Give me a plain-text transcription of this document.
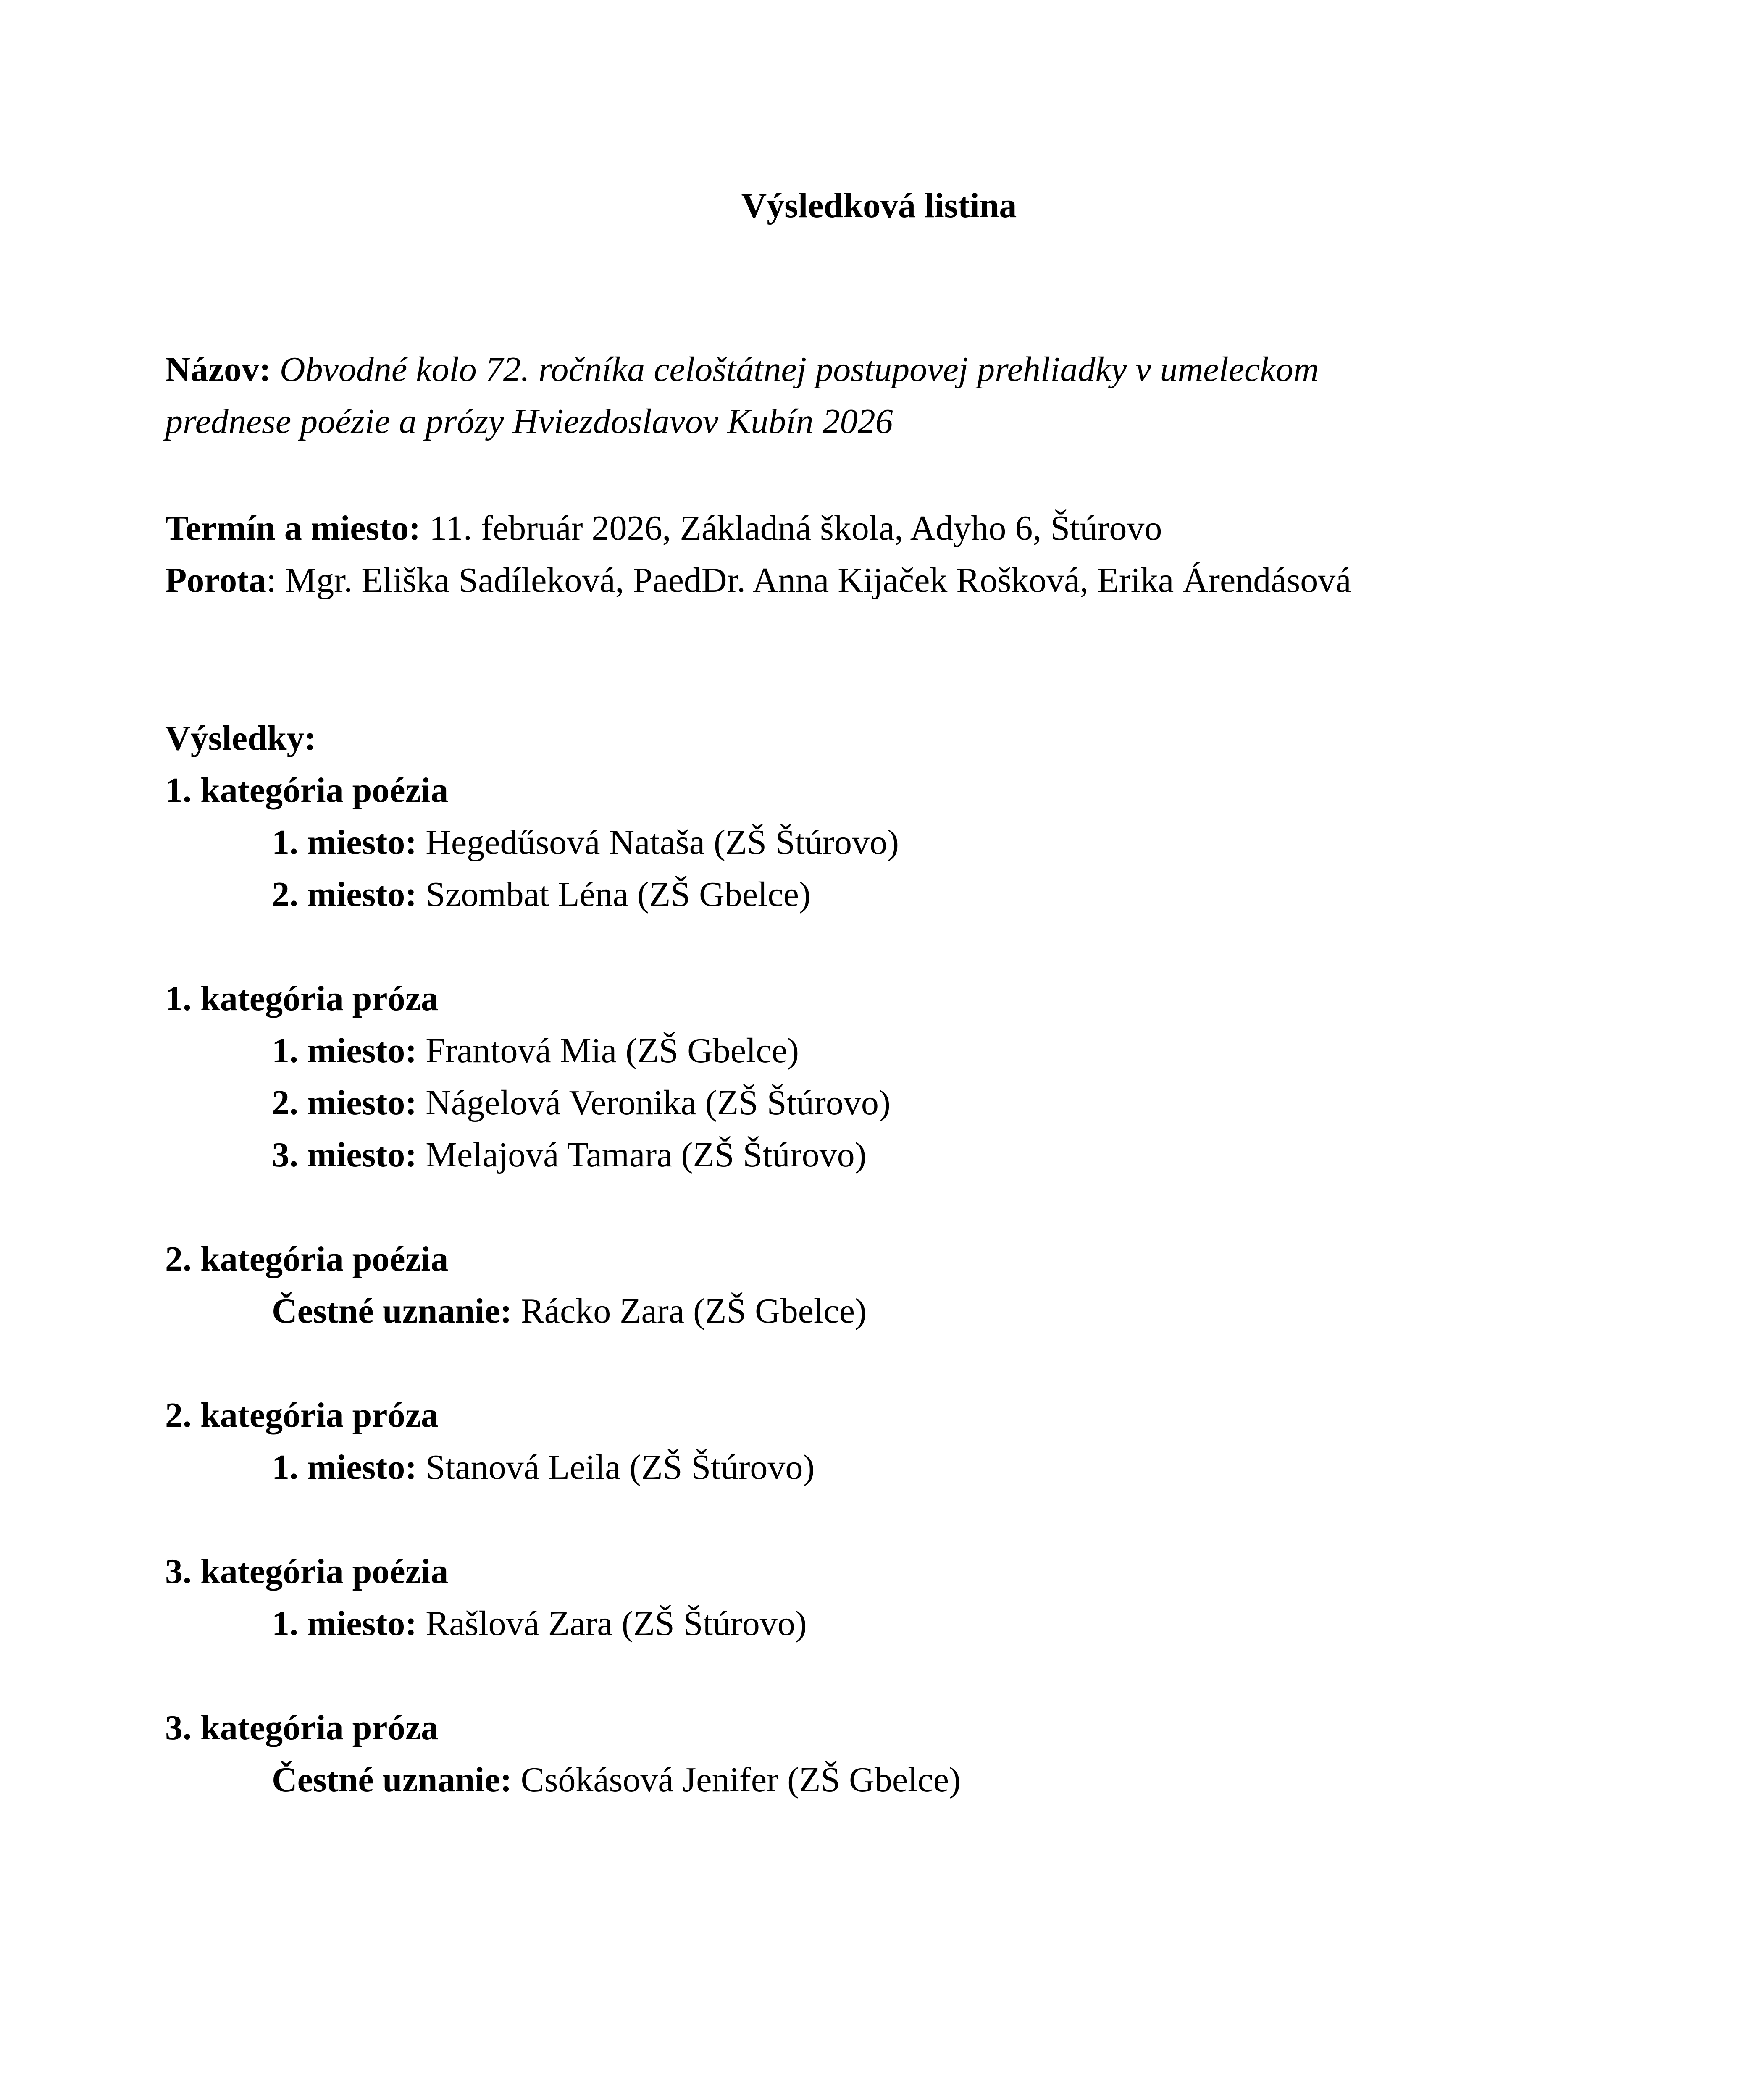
Výsledková listina
Názov: Obvodné kolo 72. ročníka celoštátnej postupovej prehliadky v umeleckom
prednese poézie a prózy Hviezdoslavov Kubín 2026
Termín a miesto: 11. február 2026, Základná škola, Adyho 6, Štúrovo
Porota: Mgr. Eliška Sadíleková, PaedDr. Anna Kijaček Rošková, Erika Árendásová
Výsledky:
1. kategória poézia
1. miesto: Hegedűsová Nataša (ZŠ Štúrovo)
2. miesto: Szombat Léna (ZŠ Gbelce)
1. kategória próza
1. miesto: Frantová Mia (ZŠ Gbelce)
2. miesto: Nágelová Veronika (ZŠ Štúrovo)
3. miesto: Melajová Tamara (ZŠ Štúrovo)
2. kategória poézia
Čestné uznanie: Rácko Zara (ZŠ Gbelce)
2. kategória próza
1. miesto: Stanová Leila (ZŠ Štúrovo)
3. kategória poézia
1. miesto: Rašlová Zara (ZŠ Štúrovo)
3. kategória próza
Čestné uznanie: Csókásová Jenifer (ZŠ Gbelce)
